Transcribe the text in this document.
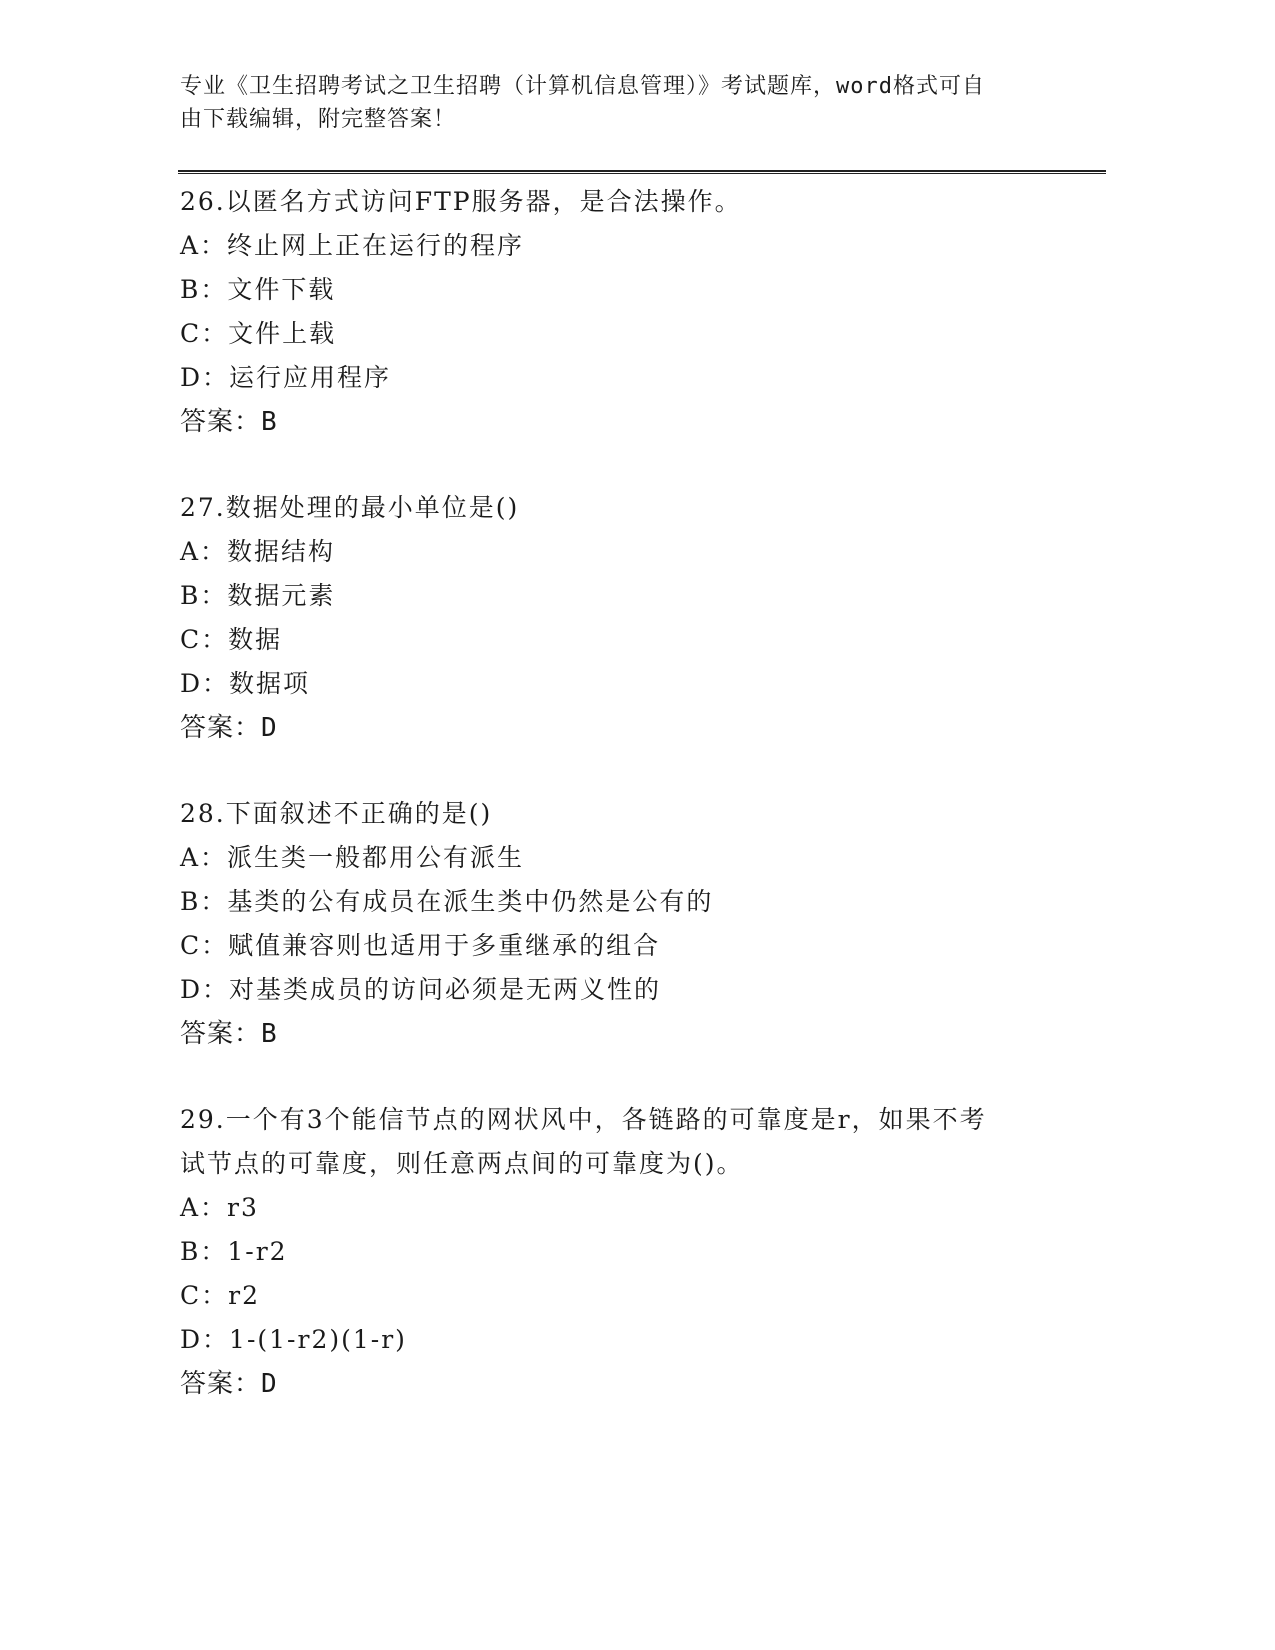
专业《卫生招聘考试之卫生招聘（计算机信息管理）》考试题库，word格式可自
由下载编辑，附完整答案！
26.以匿名方式访问FTP服务器，是合法操作。
A：终止网上正在运行的程序
B：文件下载
C：文件上载
D：运行应用程序
答案：B
27.数据处理的最小单位是()
A：数据结构
B：数据元素
C：数据
D：数据项
答案：D
28.下面叙述不正确的是()
A：派生类一般都用公有派生
B：基类的公有成员在派生类中仍然是公有的
C：赋值兼容则也适用于多重继承的组合
D：对基类成员的访问必须是无两义性的
答案：B
29.一个有3个能信节点的网状风中，各链路的可靠度是r，如果不考
试节点的可靠度，则任意两点间的可靠度为()。
A：r3
B：1-r2
C：r2
D：1-(1-r2)(1-r)
答案：D
